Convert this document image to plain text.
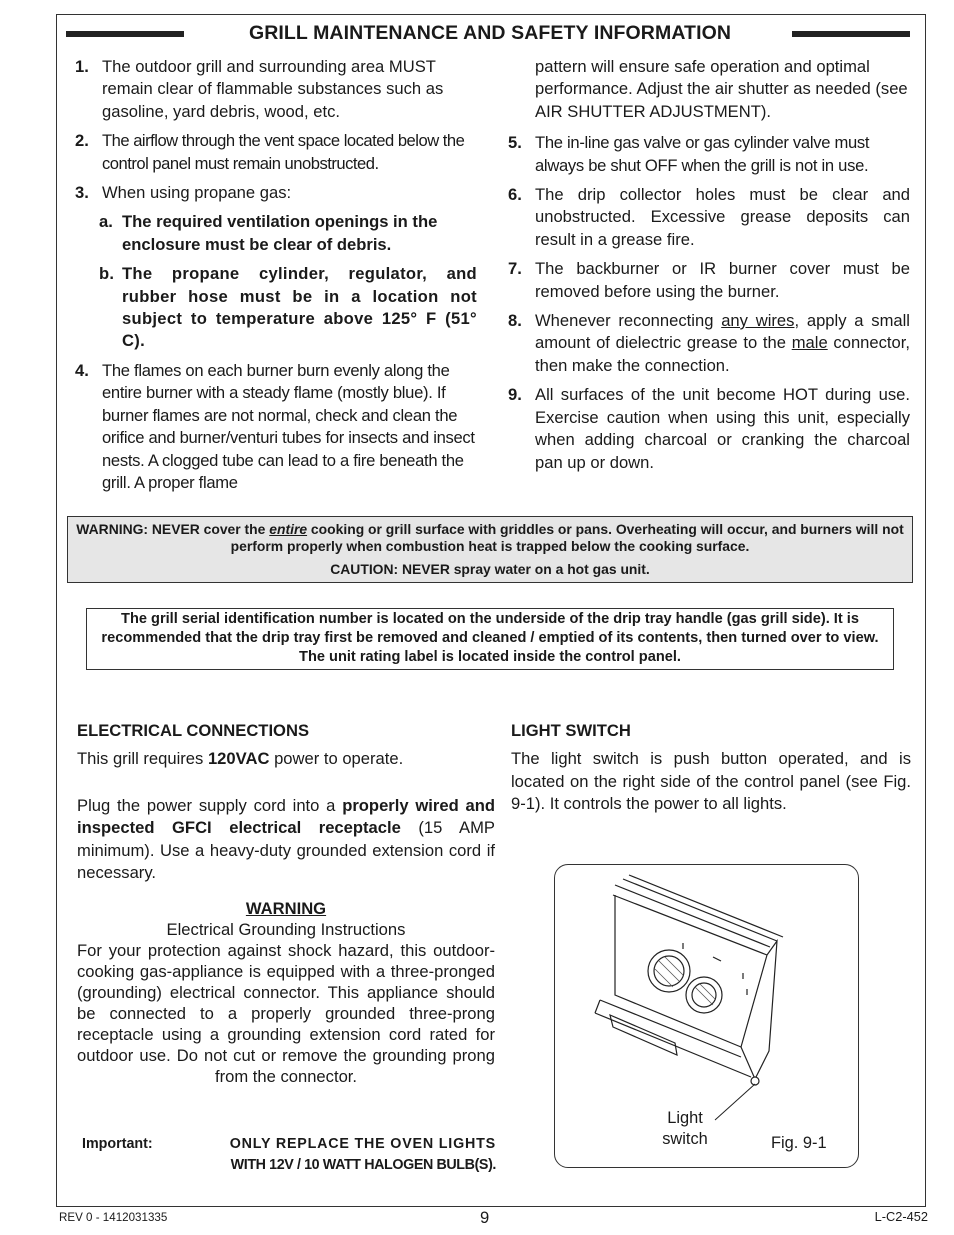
GRILL MAINTENANCE AND SAFETY INFORMATION
1. The outdoor grill and surrounding area MUST remain clear of flammable substances such as gasoline, yard debris, wood, etc.
2. The airflow through the vent space located below the control panel must remain unobstructed.
3. When using propane gas:
a. The required ventilation openings in the enclosure must be clear of debris.
b. The propane cylinder, regulator, and rubber hose must be in a location not subject to temperature above 125° F (51° C).
4. The flames on each burner burn evenly along the entire burner with a steady flame (mostly blue). If burner flames are not normal, check and clean the orifice and burner/venturi tubes for insects and insect nests. A clogged tube can lead to a fire beneath the grill. A proper flame
pattern will ensure safe operation and optimal performance. Adjust the air shutter as needed (see AIR SHUTTER ADJUSTMENT).
5. The in-line gas valve or gas cylinder valve must always be shut OFF when the grill is not in use.
6. The drip collector holes must be clear and unobstructed. Excessive grease deposits can result in a grease fire.
7. The backburner or IR burner cover must be removed before using the burner.
8. Whenever reconnecting any wires, apply a small amount of dielectric grease to the male connector, then make the connection.
9. All surfaces of the unit become HOT during use. Exercise caution when using this unit, especially when adding charcoal or cranking the charcoal pan up or down.
WARNING: NEVER cover the entire cooking or grill surface with griddles or pans. Overheating will occur, and burners will not perform properly when combustion heat is trapped below the cooking surface.
CAUTION: NEVER spray water on a hot gas unit.
The grill serial identification number is located on the underside of the drip tray handle (gas grill side). It is recommended that the drip tray first be removed and cleaned / emptied of its contents, then turned over to view. The unit rating label is located inside the control panel.
ELECTRICAL CONNECTIONS
This grill requires 120VAC power to operate.
Plug the power supply cord into a properly wired and inspected GFCI electrical receptacle (15 AMP minimum). Use a heavy-duty grounded extension cord if necessary.
WARNING
Electrical Grounding Instructions
For your protection against shock hazard, this outdoor-cooking gas-appliance is equipped with a three-pronged (grounding) electrical connector. This appliance should be connected to a properly grounded three-prong receptacle using a grounding extension cord rated for outdoor use. Do not cut or remove the grounding prong from the connector.
Important:	ONLY REPLACE THE OVEN LIGHTS
WITH 12V / 10 WATT HALOGEN BULB(S).
LIGHT SWITCH
The light switch is push button operated, and is located on the right side of the control panel (see Fig. 9-1). It controls the power to all lights.
Light
switch	Fig. 9-1
REV 0 - 1412031335	9	L-C2-452
